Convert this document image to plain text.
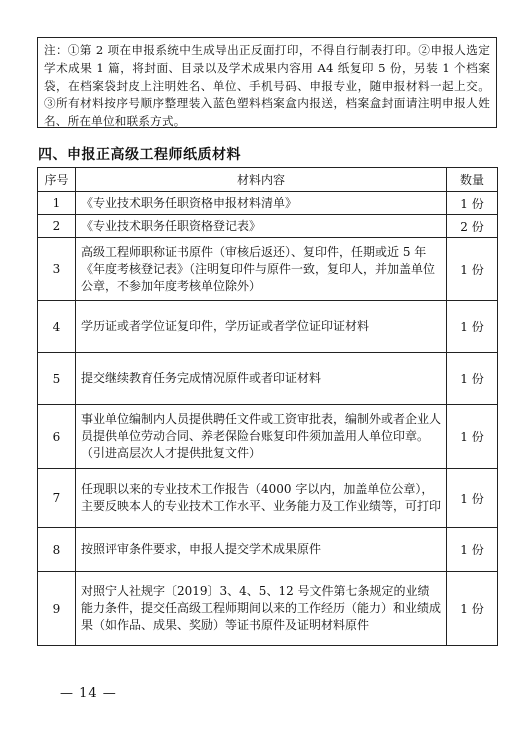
注：①第 2 项在申报系统中生成导出正反面打印，不得自行制表打印。②申报人选定学术成果 1 篇，将封面、目录以及学术成果内容用 A4 纸复印 5 份，另装 1 个档案袋，在档案袋封皮上注明姓名、单位、手机号码、申报专业，随申报材料一起上交。③所有材料按序号顺序整理装入蓝色塑料档案盒内报送，档案盒封面请注明申报人姓名、所在单位和联系方式。

四、申报正高级工程师纸质材料
序号	材料内容	数量
1	《专业技术职务任职资格申报材料清单》	1 份
2	《专业技术职务任职资格登记表》	2 份
3	高级工程师职称证书原件（审核后返还）、复印件，任期或近 5 年《年度考核登记表》（注明复印件与原件一致，复印人，并加盖单位公章，不参加年度考核单位除外）	1 份
4	学历证或者学位证复印件，学历证或者学位证印证材料	1 份
5	提交继续教育任务完成情况原件或者印证材料	1 份
6	事业单位编制内人员提供聘任文件或工资审批表，编制外或者企业人员提供单位劳动合同、养老保险台账复印件须加盖用人单位印章。（引进高层次人才提供批复文件）	1 份
7	任现职以来的专业技术工作报告（4000 字以内，加盖单位公章），主要反映本人的专业技术工作水平、业务能力及工作业绩等，可打印	1 份
8	按照评审条件要求，申报人提交学术成果原件	1 份
9	对照宁人社规字〔2019〕3、4、5、12 号文件第七条规定的业绩能力条件，提交任高级工程师期间以来的工作经历（能力）和业绩成果（如作品、成果、奖励）等证书原件及证明材料原件	1 份
— 14 —
